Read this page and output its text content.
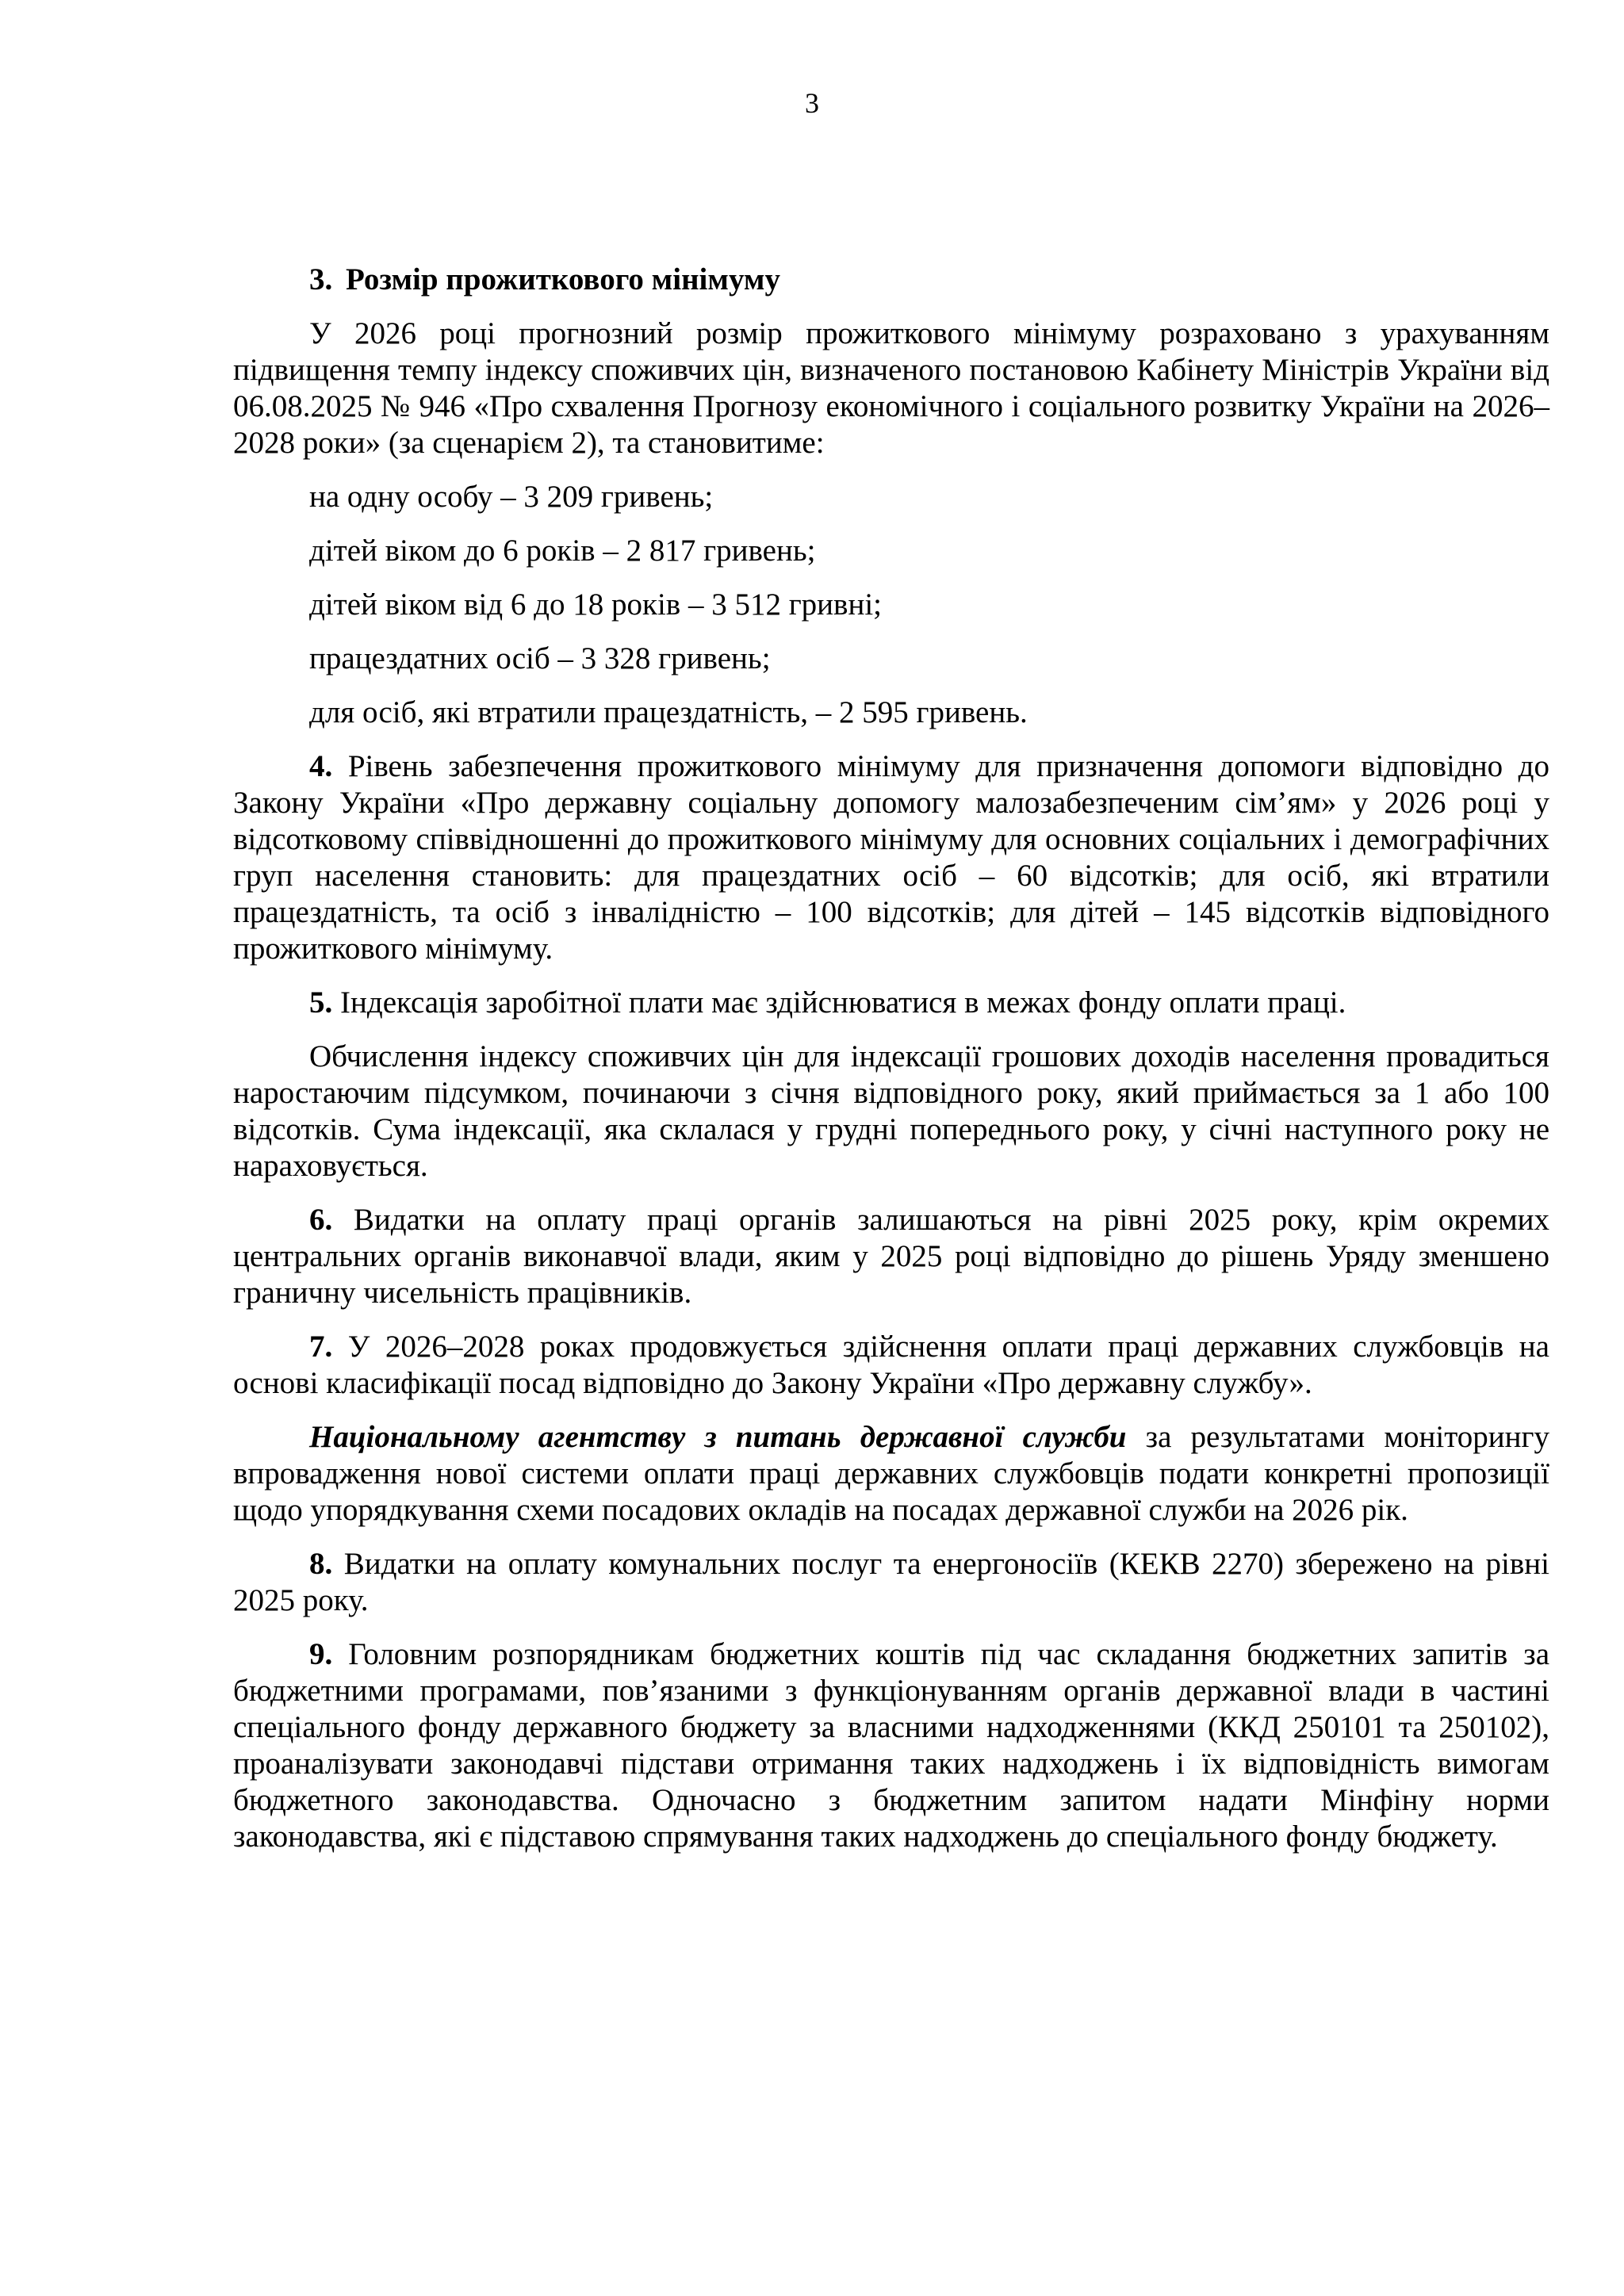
3
3. Розмір прожиткового мінімуму

У 2026 році прогнозний розмір прожиткового мінімуму розраховано з урахуванням підвищення темпу індексу споживчих цін, визначеного постановою Кабінету Міністрів України від 06.08.2025 № 946 «Про схвалення Прогнозу економічного і соціального розвитку України на 2026–2028 роки» (за сценарієм 2), та становитиме:

на одну особу – 3 209 гривень;
дітей віком до 6 років – 2 817 гривень;
дітей віком від 6 до 18 років – 3 512 гривні;
працездатних осіб – 3 328 гривень;
для осіб, які втратили працездатність, – 2 595 гривень.

4. Рівень забезпечення прожиткового мінімуму для призначення допомоги відповідно до Закону України «Про державну соціальну допомогу малозабезпеченим сім’ям» у 2026 році у відсотковому співвідношенні до прожиткового мінімуму для основних соціальних і демографічних груп населення становить: для працездатних осіб – 60 відсотків; для осіб, які втратили працездатність, та осіб з інвалідністю – 100 відсотків; для дітей – 145 відсотків відповідного прожиткового мінімуму.

5. Індексація заробітної плати має здійснюватися в межах фонду оплати праці.

Обчислення індексу споживчих цін для індексації грошових доходів населення провадиться наростаючим підсумком, починаючи з січня відповідного року, який приймається за 1 або 100 відсотків. Сума індексації, яка склалася у грудні попереднього року, у січні наступного року не нараховується.

6. Видатки на оплату праці органів залишаються на рівні 2025 року, крім окремих центральних органів виконавчої влади, яким у 2025 році відповідно до рішень Уряду зменшено граничну чисельність працівників.

7. У 2026–2028 роках продовжується здійснення оплати праці державних службовців на основі класифікації посад відповідно до Закону України «Про державну службу».

Національному агентству з питань державної служби за результатами моніторингу впровадження нової системи оплати праці державних службовців подати конкретні пропозиції щодо упорядкування схеми посадових окладів на посадах державної служби на 2026 рік.

8. Видатки на оплату комунальних послуг та енергоносіїв (КЕКВ 2270) збережено на рівні 2025 року.

9. Головним розпорядникам бюджетних коштів під час складання бюджетних запитів за бюджетними програмами, пов’язаними з функціонуванням органів державної влади в частині спеціального фонду державного бюджету за власними надходженнями (ККД 250101 та 250102), проаналізувати законодавчі підстави отримання таких надходжень і їх відповідність вимогам бюджетного законодавства. Одночасно з бюджетним запитом надати Мінфіну норми законодавства, які є підставою спрямування таких надходжень до спеціального фонду бюджету.
